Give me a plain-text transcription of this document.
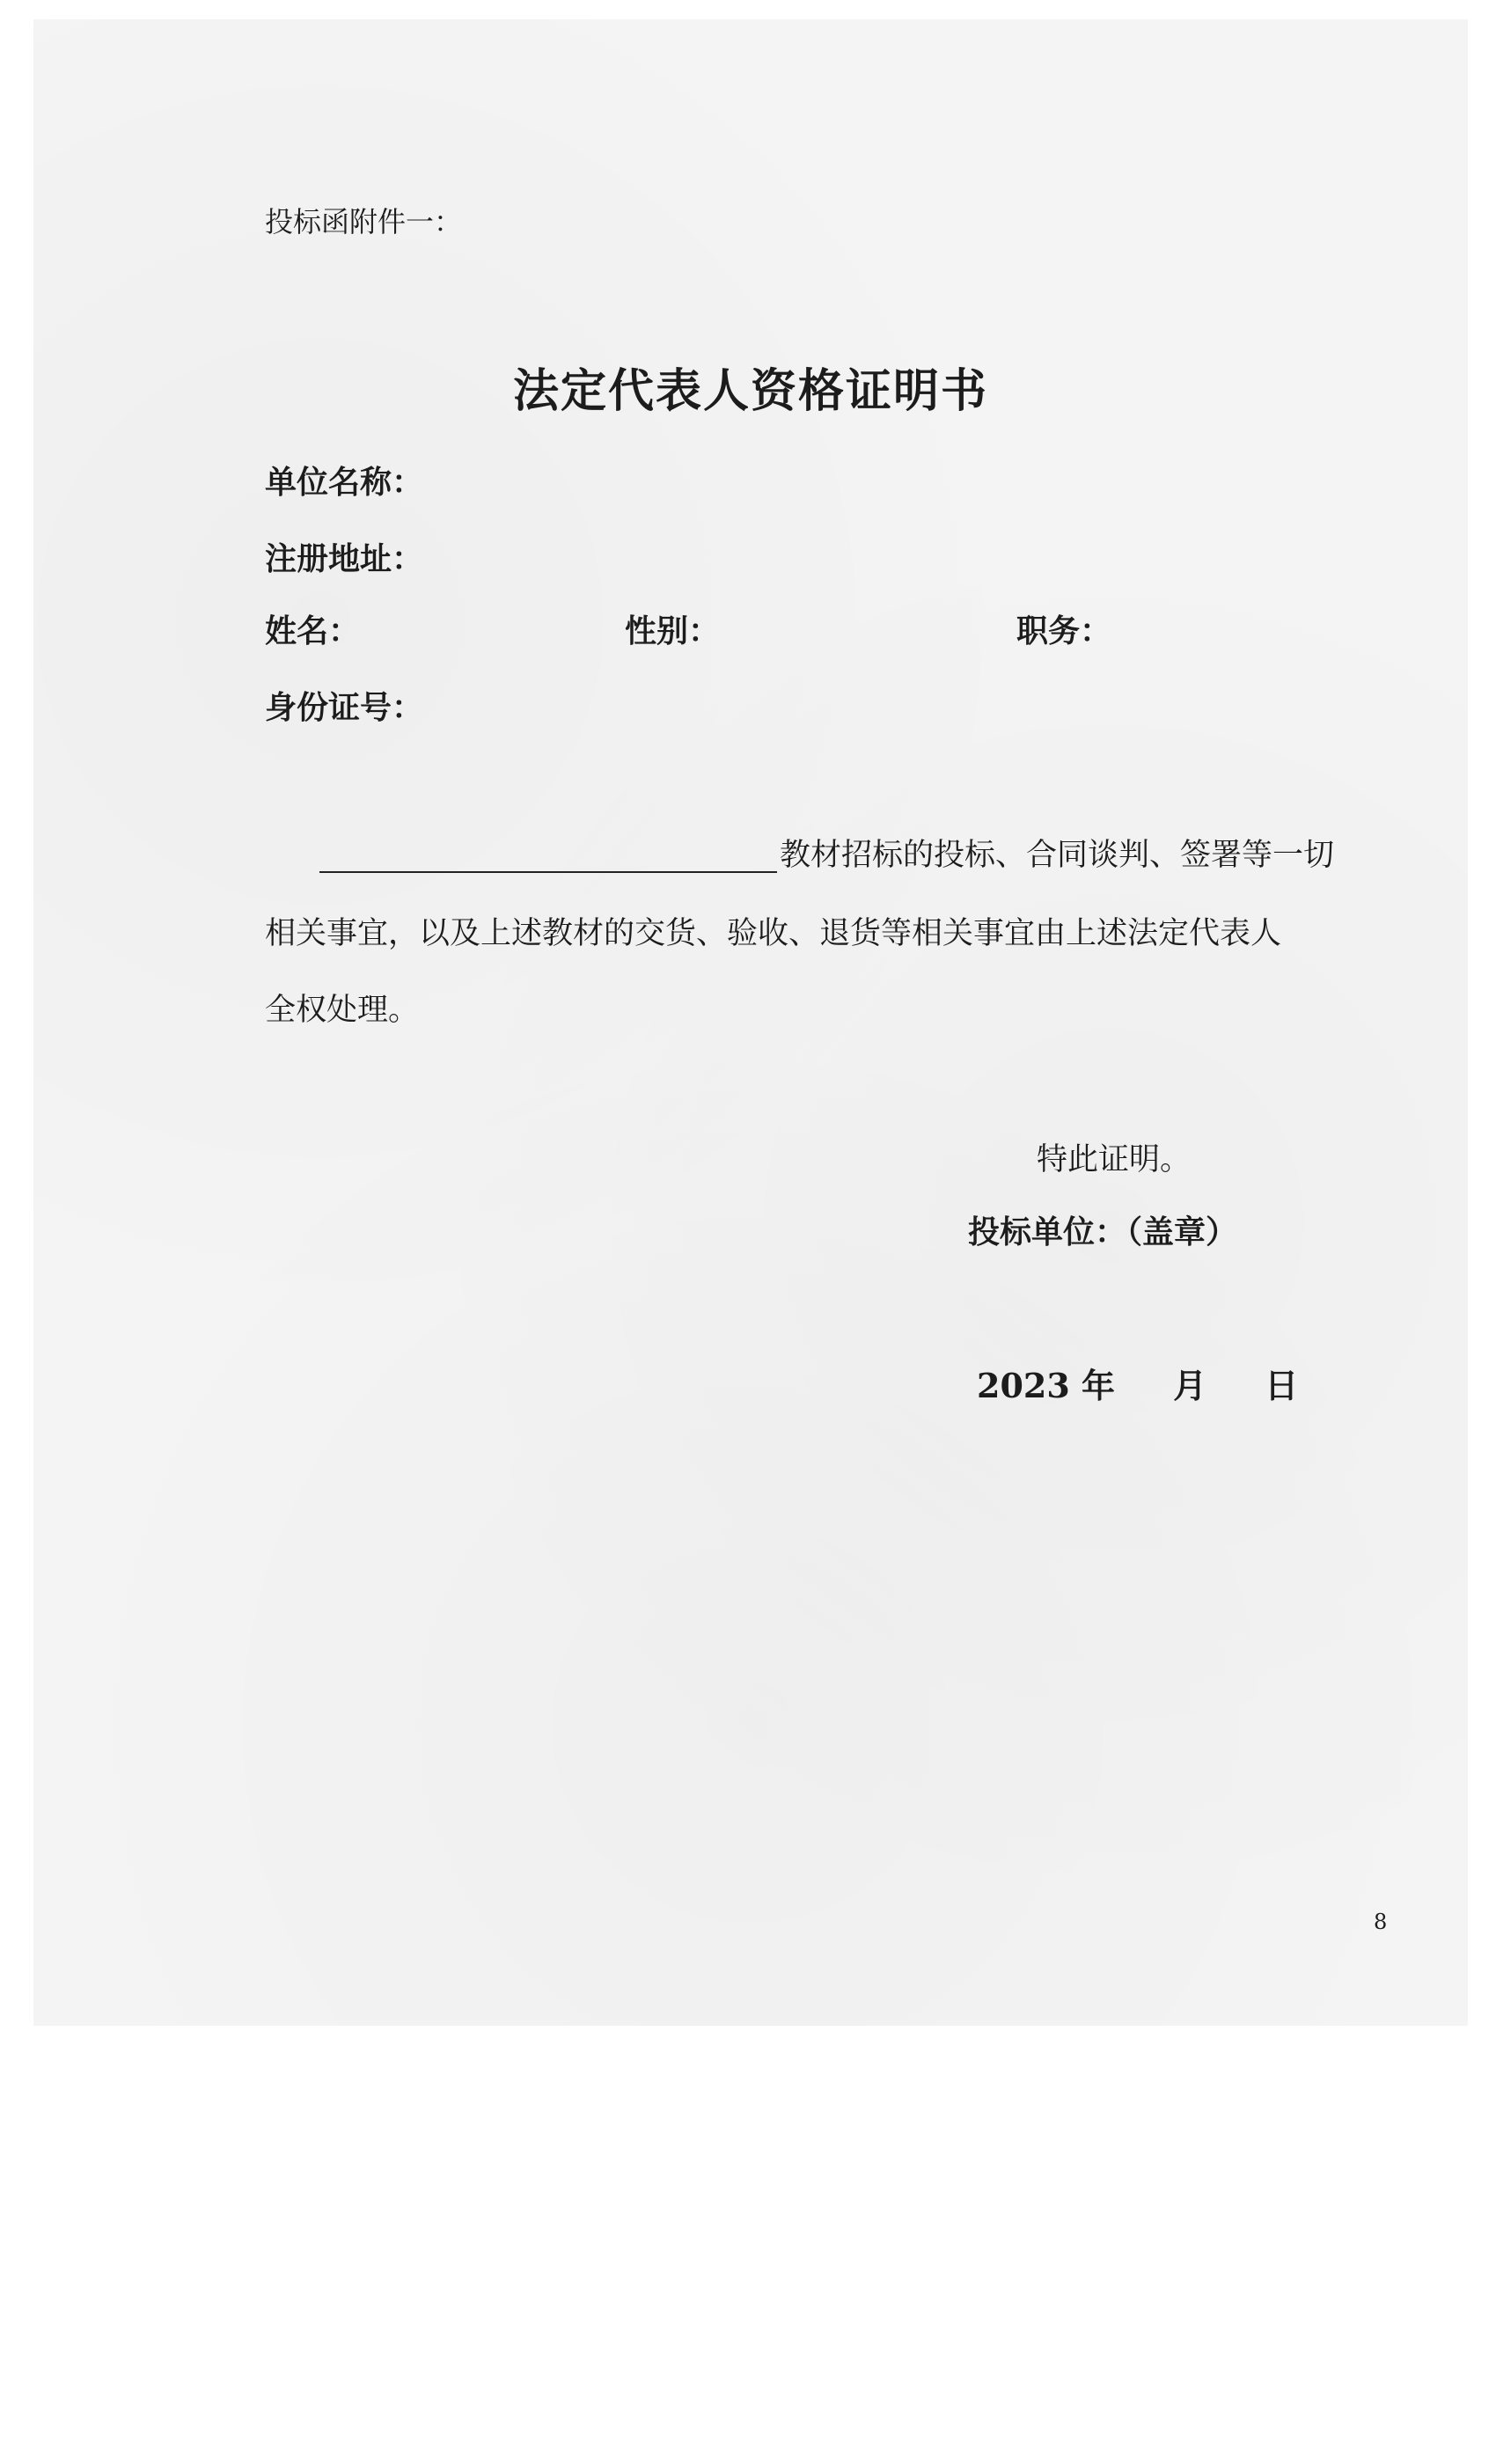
投标函附件一：
法定代表人资格证明书
单位名称：
注册地址：
姓名：	性别：	职务：
身份证号：
教材招标的投标、合同谈判、签署等一切
相关事宜，以及上述教材的交货、验收、退货等相关事宜由上述法定代表人
全权处理。
特此证明。
投标单位：（盖章）
2023 年     月     日
8
